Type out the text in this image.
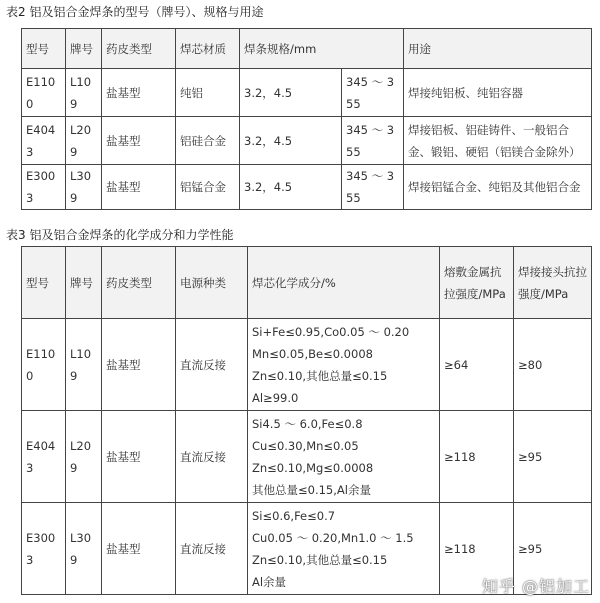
表2 铝及铝合金焊条的型号（牌号）、规格与用途
型号	牌号	药皮类型	焊芯材质	焊条规格/mm		用途
E1100	L109	盐基型	纯铝	3.2，4.5	345 ～ 355	焊接纯铝板、纯铝容器
E4043	L209	盐基型	铝硅合金	3.2，4.5	345 ～ 355	焊接铝板、铝硅铸件、一般铝合金、锻铝、硬铝（铝镁合金除外）
E3003	L309	盐基型	铝锰合金	3.2，4.5	345 ～ 355	焊接铝锰合金、纯铝及其他铝合金
表3 铝及铝合金焊条的化学成分和力学性能
型号	牌号	药皮类型	电源种类	焊芯化学成分/%	熔敷金属抗拉强度/MPa	焊接接头抗拉强度/MPa
E1100	L109	盐基型	直流反接	Si+Fe≤0.95,Co0.05 ～ 0.20
Mn≤0.05,Be≤0.0008
Zn≤0.10,其他总量≤0.15
Al≥99.0	≥64	≥80
E4043	L209	盐基型	直流反接	Si4.5 ～ 6.0,Fe≤0.8
Cu≤0.30,Mn≤0.05
Zn≤0.10,Mg≤0.0008
其他总量≤0.15,Al余量	≥118	≥95
E3003	L309	盐基型	直流反接	Si≤0.6,Fe≤0.7
Cu0.05 ～ 0.20,Mn1.0 ～ 1.5
Zn≤0.10,其他总量≤0.15
Al余量	≥118	≥95
知乎 @铝加工
